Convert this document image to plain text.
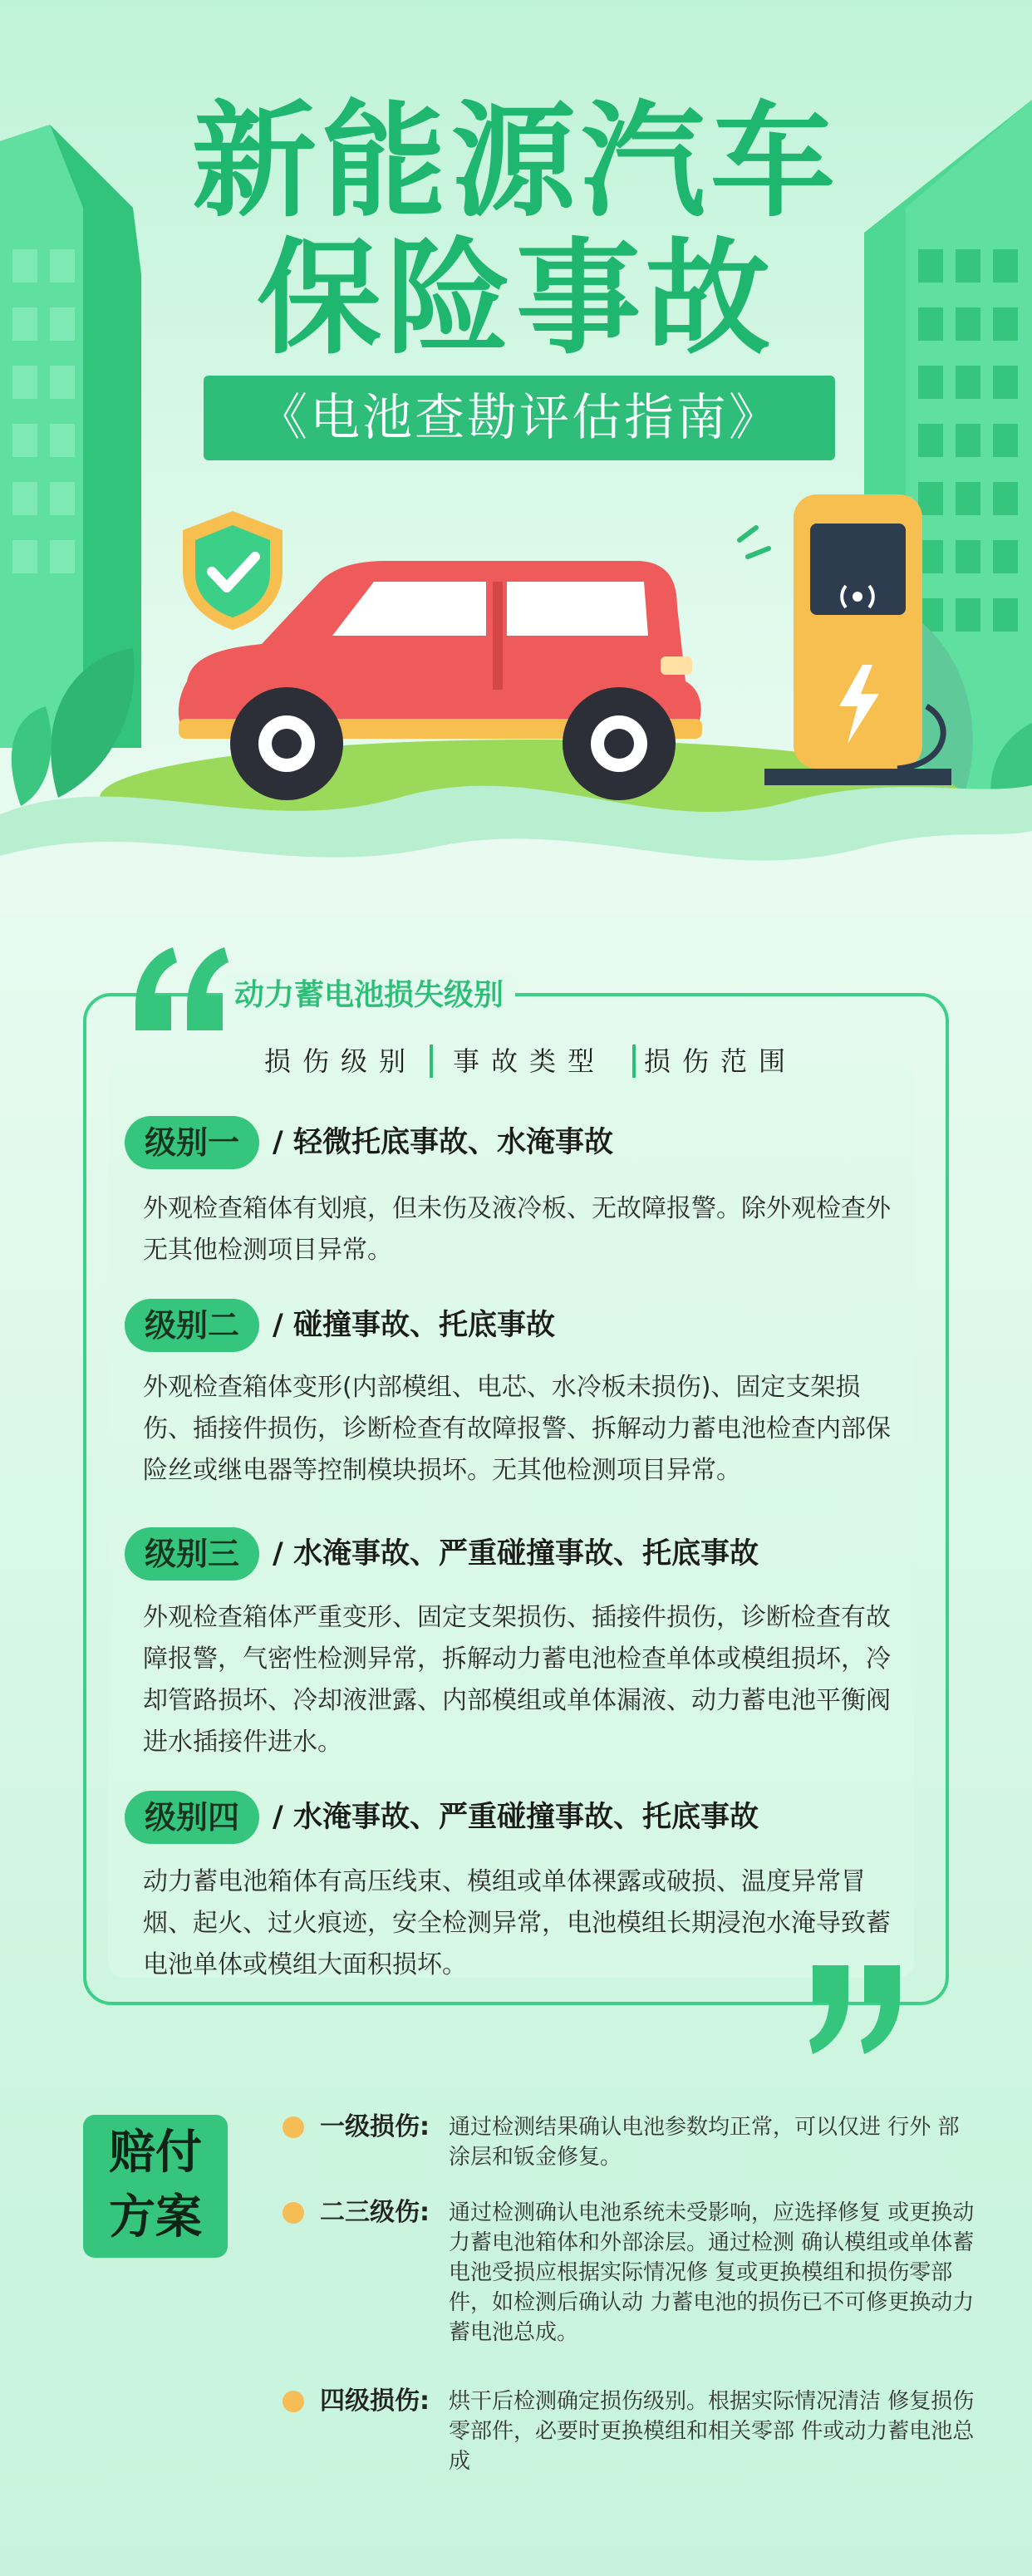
新能源汽车
保险事故
《电池查勘评估指南》
动力蓄电池损失级别
损伤级别 事故类型 损伤范围
级别一	/ 轻微托底事故、水淹事故
外观检查箱体有划痕，但未伤及液冷板、无故障报警。除外观检查外无其他检测项目异常。
级别二	/ 碰撞事故、托底事故
外观检查箱体变形(内部模组、电芯、水冷板未损伤)、固定支架损伤、插接件损伤，诊断检查有故障报警、拆解动力蓄电池检查内部保险丝或继电器等控制模块损坏。无其他检测项目异常。
级别三	/ 水淹事故、严重碰撞事故、托底事故
外观检查箱体严重变形、固定支架损伤、插接件损伤，诊断检查有故障报警，气密性检测异常，拆解动力蓄电池检查单体或模组损坏，冷却管路损坏、冷却液泄露、内部模组或单体漏液、动力蓄电池平衡阀进水插接件进水。
级别四	/ 水淹事故、严重碰撞事故、托底事故
动力蓄电池箱体有高压线束、模组或单体裸露或破损、温度异常冒烟、起火、过火痕迹，安全检测异常，电池模组长期浸泡水淹导致蓄电池单体或模组大面积损坏。
赔付
方案
一级损伤: 通过检测结果确认电池参数均正常，可以仅进 行外 部涂层和钣金修复。
二三级伤: 通过检测确认电池系统未受影响，应选择修复 或更换动力蓄电池箱体和外部涂层。通过检测 确认模组或单体蓄电池受损应根据实际情况修 复或更换模组和损伤零部件，如检测后确认动 力蓄电池的损伤已不可修更换动力蓄电池总成。
四级损伤: 烘干后检测确定损伤级别。根据实际情况清洁 修复损伤零部件，必要时更换模组和相关零部 件或动力蓄电池总成
